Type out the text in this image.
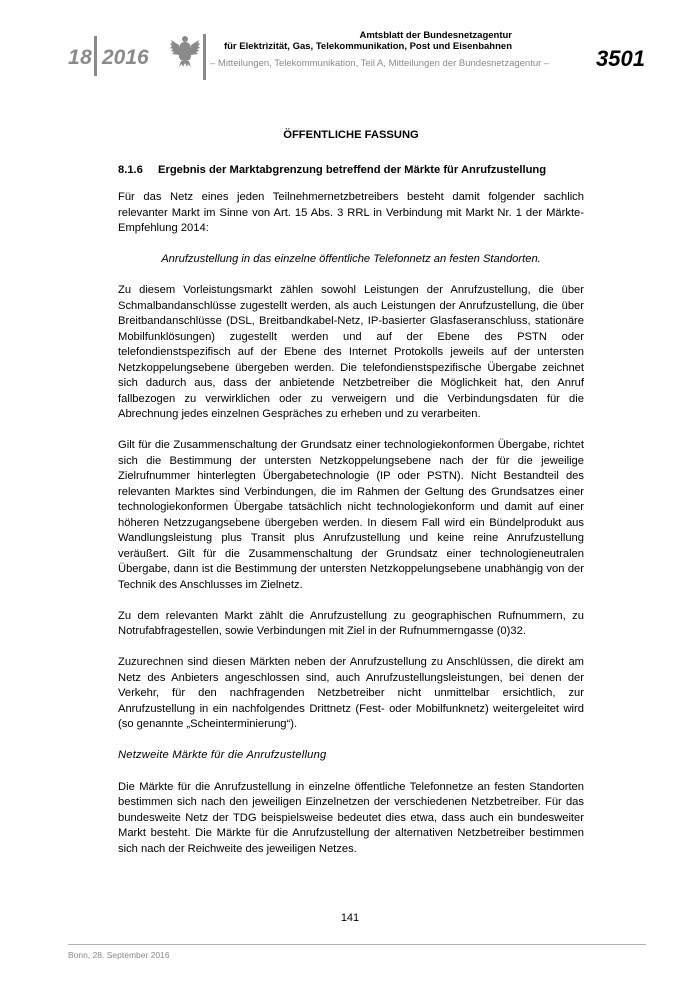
18 2016
Amtsblatt der Bundesnetzagentur
für Elektrizität, Gas, Telekommunikation, Post und Eisenbahnen
– Mitteilungen, Telekommunikation, Teil A, Mitteilungen der Bundesnetzagentur – 3501

ÖFFENTLICHE FASSUNG

8.1.6 Ergebnis der Marktabgrenzung betreffend der Märkte für Anrufzustellung

Für das Netz eines jeden Teilnehmernetzbetreibers besteht damit folgender sachlich relevanter Markt im Sinne von Art. 15 Abs. 3 RRL in Verbindung mit Markt Nr. 1 der Märkte-Empfehlung 2014:

Anrufzustellung in das einzelne öffentliche Telefonnetz an festen Standorten.

Zu diesem Vorleistungsmarkt zählen sowohl Leistungen der Anrufzustellung, die über Schmalbandanschlüsse zugestellt werden, als auch Leistungen der Anrufzustellung, die über Breitbandanschlüsse (DSL, Breitbandkabel-Netz, IP-basierter Glasfaseranschluss, stationäre Mobilfunklösungen) zugestellt werden und auf der Ebene des PSTN oder telefondienstspezifisch auf der Ebene des Internet Protokolls jeweils auf der untersten Netzkoppelungsebene übergeben werden. Die telefondienstspezifische Übergabe zeichnet sich dadurch aus, dass der anbietende Netzbetreiber die Möglichkeit hat, den Anruf fallbezogen zu verwirklichen oder zu verweigern und die Verbindungsdaten für die Abrechnung jedes einzelnen Gespräches zu erheben und zu verarbeiten.

Gilt für die Zusammenschaltung der Grundsatz einer technologiekonformen Übergabe, richtet sich die Bestimmung der untersten Netzkoppelungsebene nach der für die jeweilige Zielrufnummer hinterlegten Übergabetechnologie (IP oder PSTN). Nicht Bestandteil des relevanten Marktes sind Verbindungen, die im Rahmen der Geltung des Grundsatzes einer technologiekonformen Übergabe tatsächlich nicht technologiekonform und damit auf einer höheren Netzzugangsebene übergeben werden. In diesem Fall wird ein Bündelprodukt aus Wandlungsleistung plus Transit plus Anrufzustellung und keine reine Anrufzustellung veräußert. Gilt für die Zusammenschaltung der Grundsatz einer technologieneutralen Übergabe, dann ist die Bestimmung der untersten Netzkoppelungsebene unabhängig von der Technik des Anschlusses im Zielnetz.

Zu dem relevanten Markt zählt die Anrufzustellung zu geographischen Rufnummern, zu Notrufabfragestellen, sowie Verbindungen mit Ziel in der Rufnummerngasse (0)32.

Zuzurechnen sind diesen Märkten neben der Anrufzustellung zu Anschlüssen, die direkt am Netz des Anbieters angeschlossen sind, auch Anrufzustellungsleistungen, bei denen der Verkehr, für den nachfragenden Netzbetreiber nicht unmittelbar ersichtlich, zur Anrufzustellung in ein nachfolgendes Drittnetz (Fest- oder Mobilfunknetz) weitergeleitet wird (so genannte „Scheinterminierung“).

Netzweite Märkte für die Anrufzustellung

Die Märkte für die Anrufzustellung in einzelne öffentliche Telefonnetze an festen Standorten bestimmen sich nach den jeweiligen Einzelnetzen der verschiedenen Netzbetreiber. Für das bundesweite Netz der TDG beispielsweise bedeutet dies etwa, dass auch ein bundesweiter Markt besteht. Die Märkte für die Anrufzustellung der alternativen Netzbetreiber bestimmen sich nach der Reichweite des jeweiligen Netzes.

141
Bonn, 28. September 2016
